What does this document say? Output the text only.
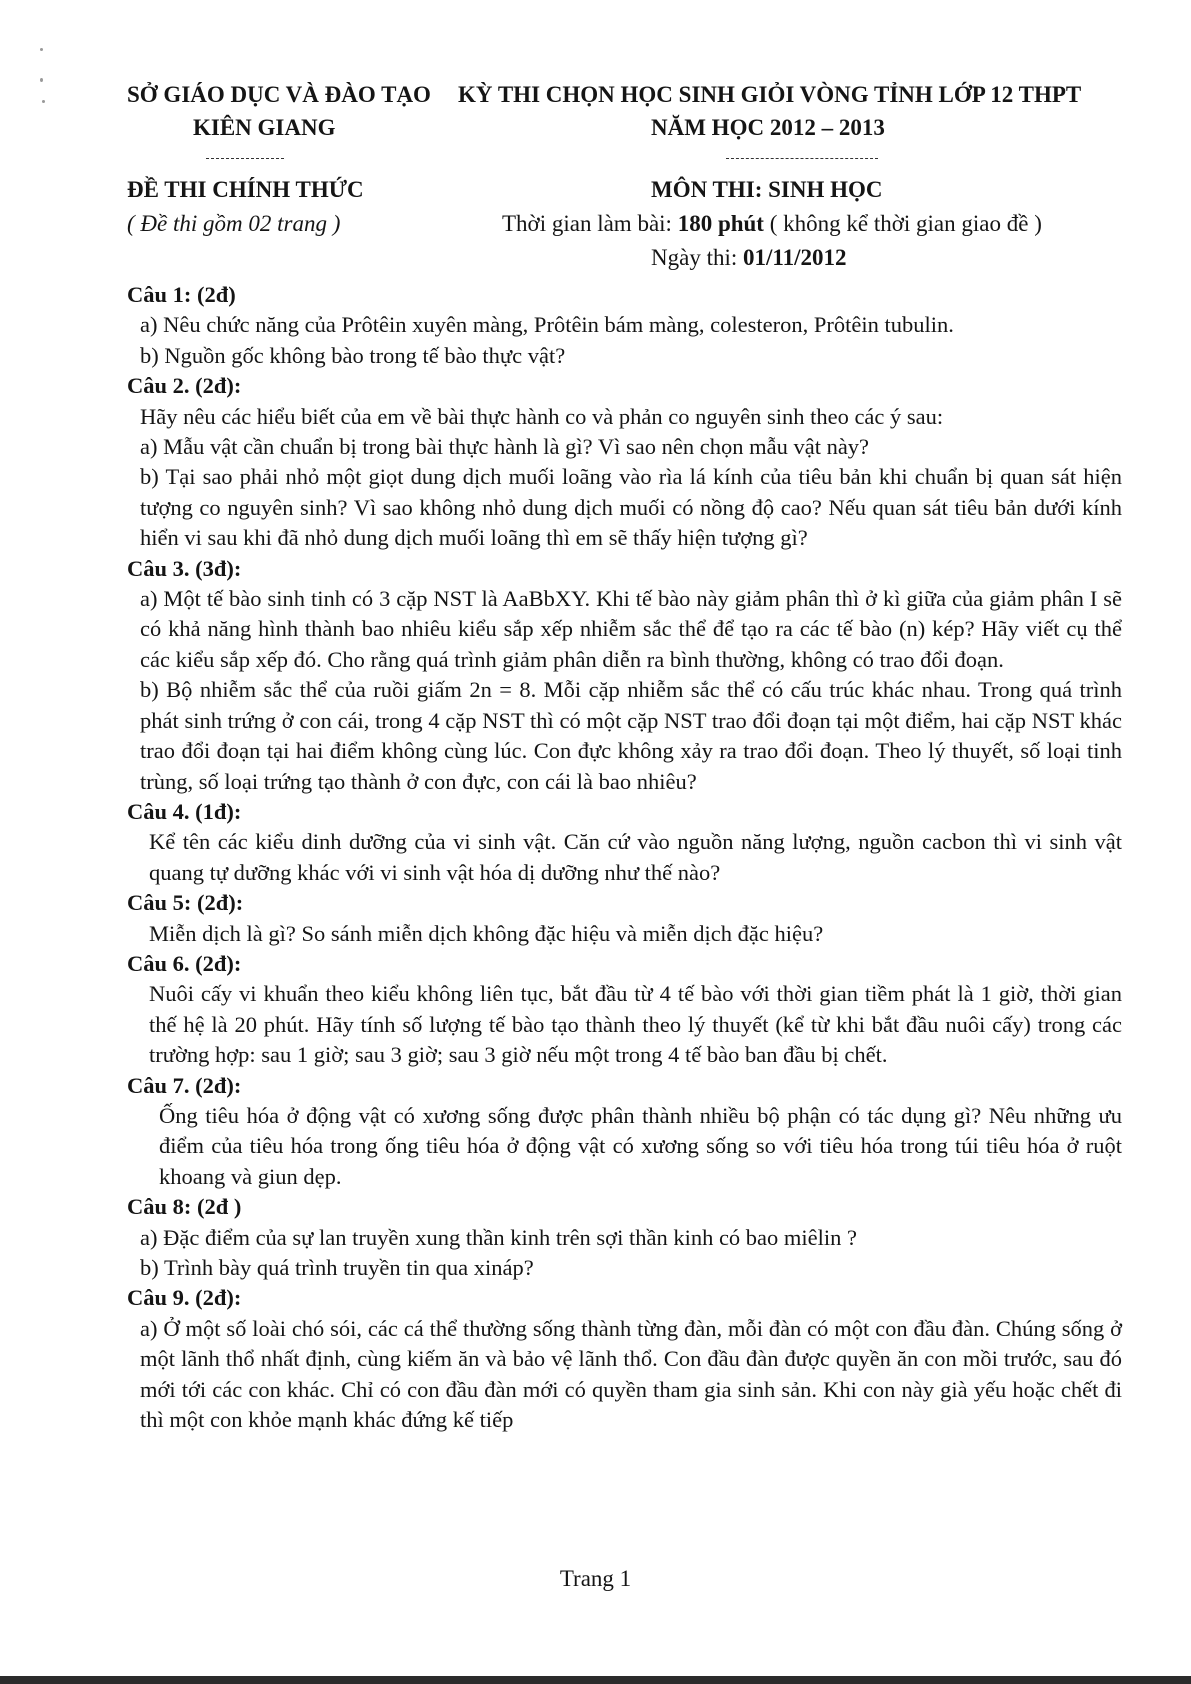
SỞ GIÁO DỤC VÀ ĐÀO TẠO KỲ THI CHỌN HỌC SINH GIỎI VÒNG TỈNH LỚP 12 THPT
KIÊN GIANG	NĂM HỌC 2012 – 2013
ĐỀ THI CHÍNH THỨC	MÔN THI: SINH HỌC
( Đề thi gồm 02 trang )	Thời gian làm bài: 180 phút ( không kể thời gian giao đề )
Ngày thi: 01/11/2012

Câu 1: (2đ)

a) Nêu chức năng của Prôtêin xuyên màng, Prôtêin bám màng, colesteron, Prôtêin tubulin.

b) Nguồn gốc không bào trong tế bào thực vật?

Câu 2. (2đ):

Hãy nêu các hiểu biết của em về bài thực hành co và phản co nguyên sinh theo các ý sau:

a) Mẫu vật cần chuẩn bị trong bài thực hành là gì? Vì sao nên chọn mẫu vật này?

b) Tại sao phải nhỏ một giọt dung dịch muối loãng vào rìa lá kính của tiêu bản khi chuẩn bị quan sát hiện tượng co nguyên sinh? Vì sao không nhỏ dung dịch muối có nồng độ cao? Nếu quan sát tiêu bản dưới kính hiển vi sau khi đã nhỏ dung dịch muối loãng thì em sẽ thấy hiện tượng gì?

Câu 3. (3đ):

a) Một tế bào sinh tinh có 3 cặp NST là AaBbXY. Khi tế bào này giảm phân thì ở kì giữa của giảm phân I sẽ có khả năng hình thành bao nhiêu kiểu sắp xếp nhiễm sắc thể để tạo ra các tế bào (n) kép? Hãy viết cụ thể các kiểu sắp xếp đó. Cho rằng quá trình giảm phân diễn ra bình thường, không có trao đổi đoạn.

b) Bộ nhiễm sắc thể của ruồi giấm 2n = 8. Mỗi cặp nhiễm sắc thể có cấu trúc khác nhau. Trong quá trình phát sinh trứng ở con cái, trong 4 cặp NST thì có một cặp NST trao đổi đoạn tại một điểm, hai cặp NST khác trao đổi đoạn tại hai điểm không cùng lúc. Con đực không xảy ra trao đổi đoạn. Theo lý thuyết, số loại tinh trùng, số loại trứng tạo thành ở con đực, con cái là bao nhiêu?

Câu 4. (1đ):

Kể tên các kiểu dinh dưỡng của vi sinh vật. Căn cứ vào nguồn năng lượng, nguồn cacbon thì vi sinh vật quang tự dưỡng khác với vi sinh vật hóa dị dưỡng như thế nào?

Câu 5: (2đ):

Miễn dịch là gì? So sánh miễn dịch không đặc hiệu và miễn dịch đặc hiệu?

Câu 6. (2đ):

Nuôi cấy vi khuẩn theo kiểu không liên tục, bắt đầu từ 4 tế bào với thời gian tiềm phát là 1 giờ, thời gian thế hệ là 20 phút. Hãy tính số lượng tế bào tạo thành theo lý thuyết (kể từ khi bắt đầu nuôi cấy) trong các trường hợp: sau 1 giờ; sau 3 giờ; sau 3 giờ nếu một trong 4 tế bào ban đầu bị chết.

Câu 7. (2đ):

Ống tiêu hóa ở động vật có xương sống được phân thành nhiều bộ phận có tác dụng gì? Nêu những ưu điểm của tiêu hóa trong ống tiêu hóa ở động vật có xương sống so với tiêu hóa trong túi tiêu hóa ở ruột khoang và giun dẹp.

Câu 8: (2đ )

a) Đặc điểm của sự lan truyền xung thần kinh trên sợi thần kinh có bao miêlin ?

b) Trình bày quá trình truyền tin qua xináp?

Câu 9. (2đ):

a) Ở một số loài chó sói, các cá thể thường sống thành từng đàn, mỗi đàn có một con đầu đàn. Chúng sống ở một lãnh thổ nhất định, cùng kiếm ăn và bảo vệ lãnh thổ. Con đầu đàn được quyền ăn con mồi trước, sau đó mới tới các con khác. Chỉ có con đầu đàn mới có quyền tham gia sinh sản. Khi con này già yếu hoặc chết đi thì một con khỏe mạnh khác đứng kế tiếp

Trang 1
